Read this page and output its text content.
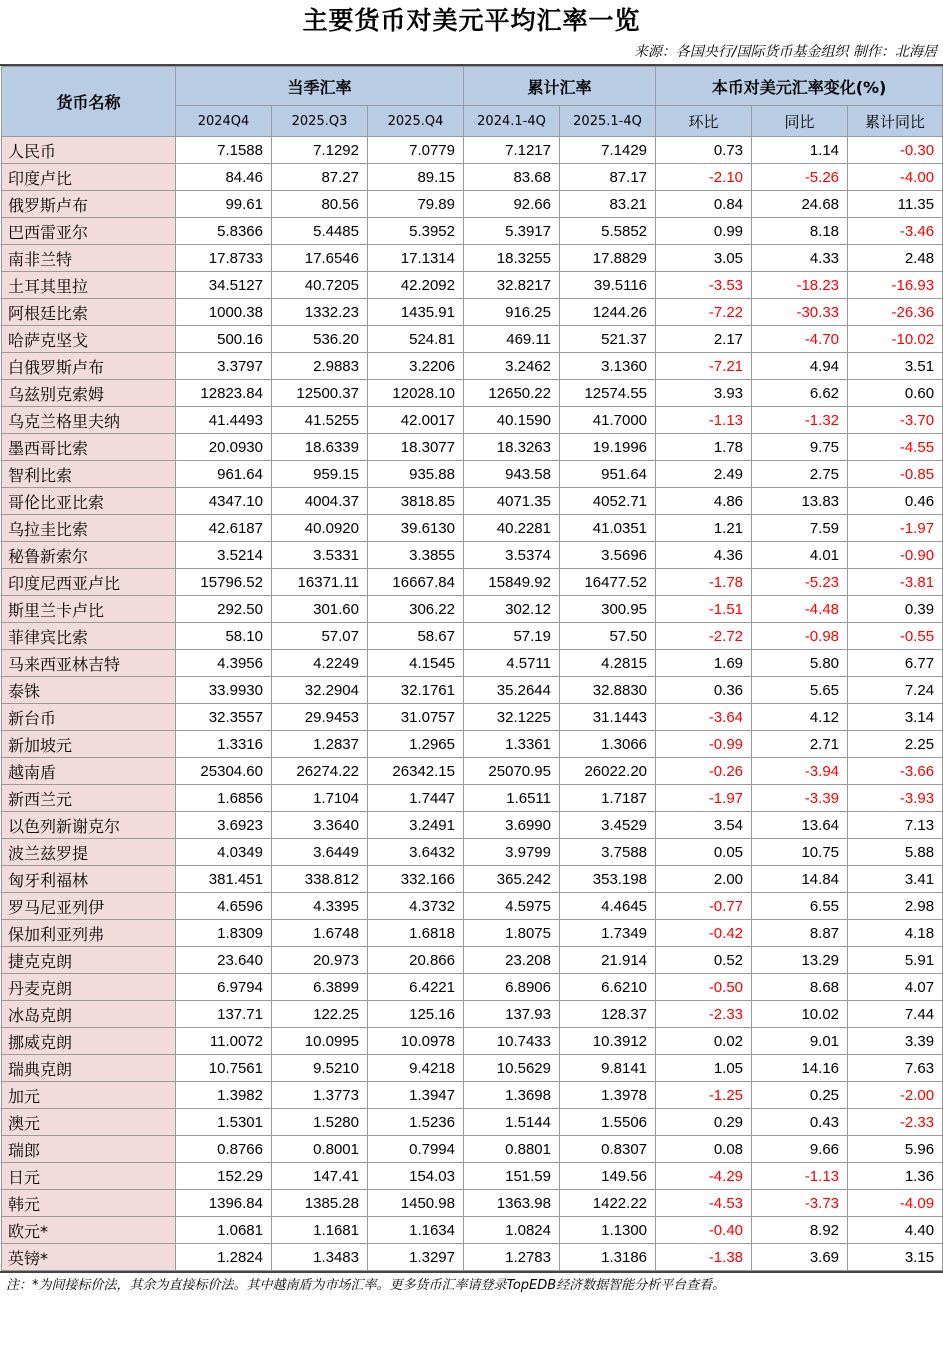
主要货币对美元平均汇率一览
来源：各国央行/国际货币基金组织 制作：北海居
货币名称	当季汇率			累计汇率		本币对美元汇率变化(%)		
	2024Q4	2025.Q3	2025.Q4	2024.1-4Q	2025.1-4Q	环比	同比	累计同比
人民币	7.1588	7.1292	7.0779	7.1217	7.1429	0.73	1.14	-0.30
印度卢比	84.46	87.27	89.15	83.68	87.17	-2.10	-5.26	-4.00
俄罗斯卢布	99.61	80.56	79.89	92.66	83.21	0.84	24.68	11.35
巴西雷亚尔	5.8366	5.4485	5.3952	5.3917	5.5852	0.99	8.18	-3.46
南非兰特	17.8733	17.6546	17.1314	18.3255	17.8829	3.05	4.33	2.48
土耳其里拉	34.5127	40.7205	42.2092	32.8217	39.5116	-3.53	-18.23	-16.93
阿根廷比索	1000.38	1332.23	1435.91	916.25	1244.26	-7.22	-30.33	-26.36
哈萨克坚戈	500.16	536.20	524.81	469.11	521.37	2.17	-4.70	-10.02
白俄罗斯卢布	3.3797	2.9883	3.2206	3.2462	3.1360	-7.21	4.94	3.51
乌兹别克索姆	12823.84	12500.37	12028.10	12650.22	12574.55	3.93	6.62	0.60
乌克兰格里夫纳	41.4493	41.5255	42.0017	40.1590	41.7000	-1.13	-1.32	-3.70
墨西哥比索	20.0930	18.6339	18.3077	18.3263	19.1996	1.78	9.75	-4.55
智利比索	961.64	959.15	935.88	943.58	951.64	2.49	2.75	-0.85
哥伦比亚比索	4347.10	4004.37	3818.85	4071.35	4052.71	4.86	13.83	0.46
乌拉圭比索	42.6187	40.0920	39.6130	40.2281	41.0351	1.21	7.59	-1.97
秘鲁新索尔	3.5214	3.5331	3.3855	3.5374	3.5696	4.36	4.01	-0.90
印度尼西亚卢比	15796.52	16371.11	16667.84	15849.92	16477.52	-1.78	-5.23	-3.81
斯里兰卡卢比	292.50	301.60	306.22	302.12	300.95	-1.51	-4.48	0.39
菲律宾比索	58.10	57.07	58.67	57.19	57.50	-2.72	-0.98	-0.55
马来西亚林吉特	4.3956	4.2249	4.1545	4.5711	4.2815	1.69	5.80	6.77
泰铢	33.9930	32.2904	32.1761	35.2644	32.8830	0.36	5.65	7.24
新台币	32.3557	29.9453	31.0757	32.1225	31.1443	-3.64	4.12	3.14
新加坡元	1.3316	1.2837	1.2965	1.3361	1.3066	-0.99	2.71	2.25
越南盾	25304.60	26274.22	26342.15	25070.95	26022.20	-0.26	-3.94	-3.66
新西兰元	1.6856	1.7104	1.7447	1.6511	1.7187	-1.97	-3.39	-3.93
以色列新谢克尔	3.6923	3.3640	3.2491	3.6990	3.4529	3.54	13.64	7.13
波兰兹罗提	4.0349	3.6449	3.6432	3.9799	3.7588	0.05	10.75	5.88
匈牙利福林	381.451	338.812	332.166	365.242	353.198	2.00	14.84	3.41
罗马尼亚列伊	4.6596	4.3395	4.3732	4.5975	4.4645	-0.77	6.55	2.98
保加利亚列弗	1.8309	1.6748	1.6818	1.8075	1.7349	-0.42	8.87	4.18
捷克克朗	23.640	20.973	20.866	23.208	21.914	0.52	13.29	5.91
丹麦克朗	6.9794	6.3899	6.4221	6.8906	6.6210	-0.50	8.68	4.07
冰岛克朗	137.71	122.25	125.16	137.93	128.37	-2.33	10.02	7.44
挪威克朗	11.0072	10.0995	10.0978	10.7433	10.3912	0.02	9.01	3.39
瑞典克朗	10.7561	9.5210	9.4218	10.5629	9.8141	1.05	14.16	7.63
加元	1.3982	1.3773	1.3947	1.3698	1.3978	-1.25	0.25	-2.00
澳元	1.5301	1.5280	1.5236	1.5144	1.5506	0.29	0.43	-2.33
瑞郎	0.8766	0.8001	0.7994	0.8801	0.8307	0.08	9.66	5.96
日元	152.29	147.41	154.03	151.59	149.56	-4.29	-1.13	1.36
韩元	1396.84	1385.28	1450.98	1363.98	1422.22	-4.53	-3.73	-4.09
欧元*	1.0681	1.1681	1.1634	1.0824	1.1300	-0.40	8.92	4.40
英镑*	1.2824	1.3483	1.3297	1.2783	1.3186	-1.38	3.69	3.15
注：*为间接标价法，其余为直接标价法。其中越南盾为市场汇率。更多货币汇率请登录TopEDB经济数据智能分析平台查看。
